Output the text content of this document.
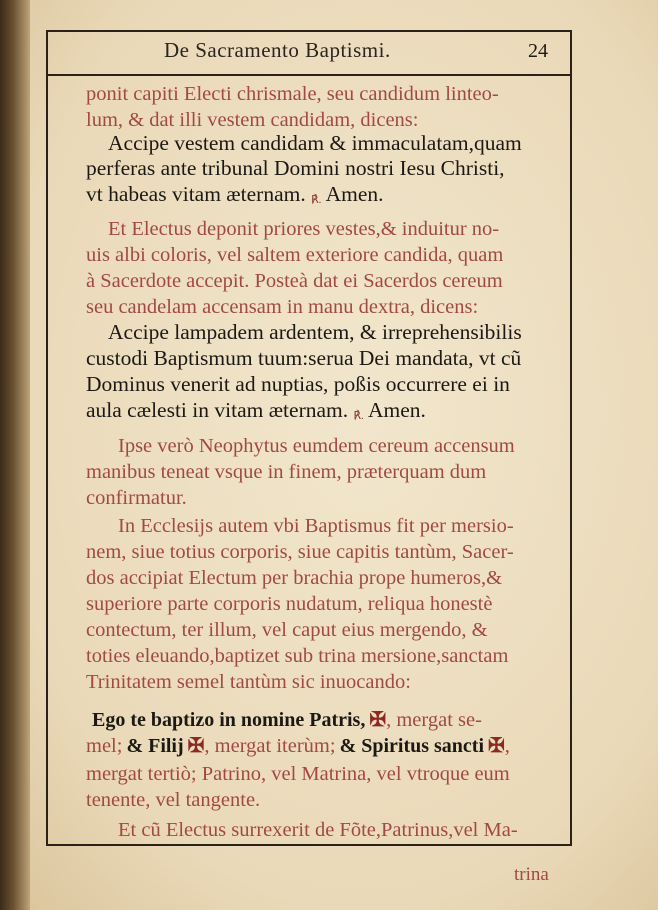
De Sacramento Baptismi.	24
ponit capiti Electi chrismale, seu candidum linteo-
lum, & dat illi vestem candidam, dicens:
Accipe vestem candidam & immaculatam,quam
perferas ante tribunal Domini nostri Iesu Christi,
vt habeas vitam æternam. ℟. Amen.
Et Electus deponit priores vestes,& induitur no-
uis albi coloris, vel saltem exteriore candida, quam
à Sacerdote accepit. Posteà dat ei Sacerdos cereum
seu candelam accensam in manu dextra, dicens:
Accipe lampadem ardentem, & irreprehensibilis
custodi Baptismum tuum:serua Dei mandata, vt cũ
Dominus venerit ad nuptias, poßis occurrere ei in
aula cælesti in vitam æternam. ℟. Amen.
Ipse verò Neophytus eumdem cereum accensum
manibus teneat vsque in finem, præterquam dum
confirmatur.
In Ecclesijs autem vbi Baptismus fit per mersio-
nem, siue totius corporis, siue capitis tantùm, Sacer-
dos accipiat Electum per brachia prope humeros,&
superiore parte corporis nudatum, reliqua honestè
contectum, ter illum, vel caput eius mergendo, &
toties eleuando,baptizet sub trina mersione,sanctam
Trinitatem semel tantùm sic inuocando:
Ego te baptizo in nomine Patris, ✠, mergat se-
mel; & Filij ✠, mergat iterùm; & Spiritus sancti ✠,
mergat tertiò; Patrino, vel Matrina, vel vtroque eum
tenente, vel tangente.
Et cũ Electus surrexerit de Fõte,Patrinus,vel Ma-
trina
